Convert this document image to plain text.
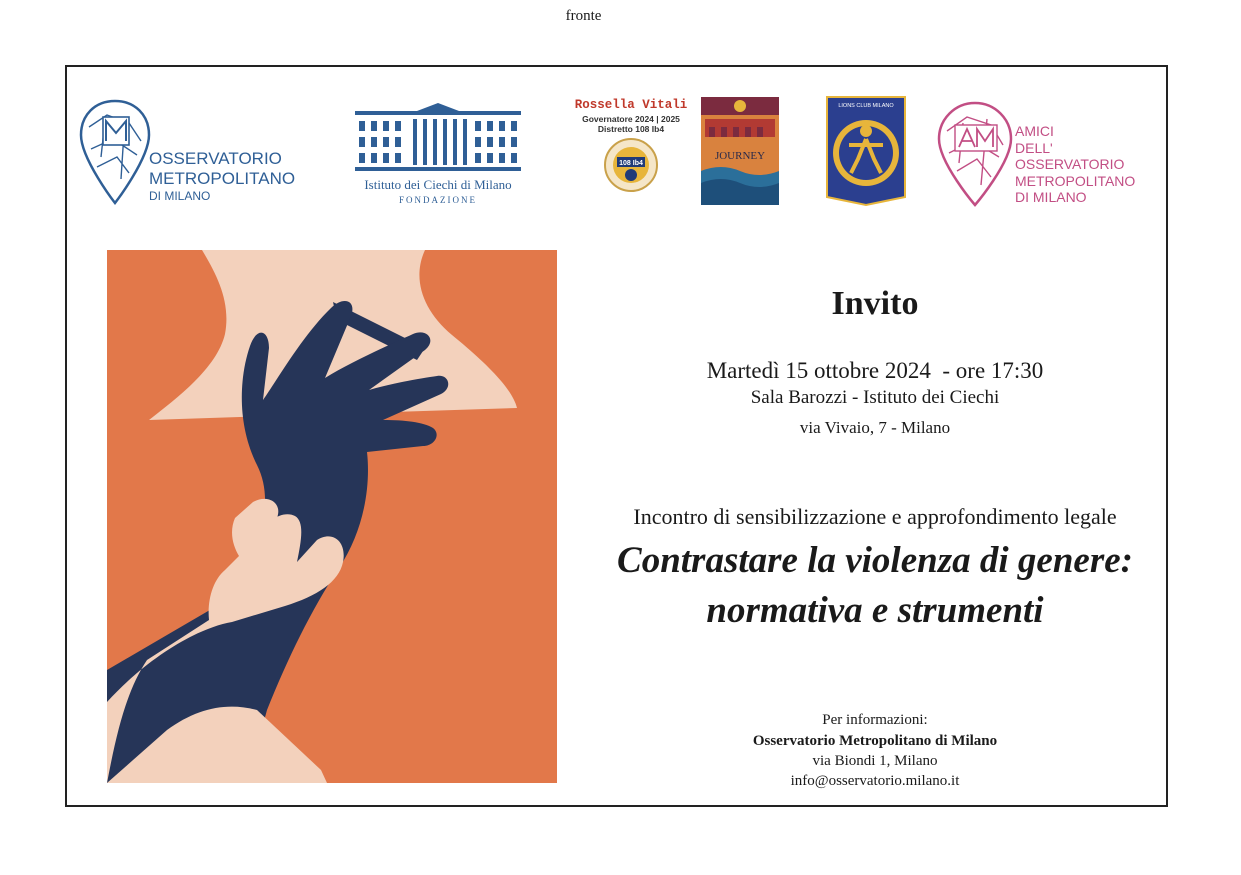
fronte
OSSERVATORIO
METROPOLITANO
DI MILANO
Istituto dei Ciechi di Milano
FONDAZIONE
Rossella Vitali
Governatore 2024 | 2025
Distretto 108 Ib4
108 Ib4
JOURNEY
LIONS CLUB MILANO
AMICI
DELL' OSSERVATORIO
METROPOLITANO
DI MILANO
Invito
Martedì 15 ottobre 2024  - ore 17:30
Sala Barozzi - Istituto dei Ciechi
via Vivaio, 7 - Milano
Incontro di sensibilizzazione e approfondimento legale
Contrastare la violenza di genere:
normativa e strumenti
Per informazioni:
Osservatorio Metropolitano di Milano
via Biondi 1, Milano
info@osservatorio.milano.it
